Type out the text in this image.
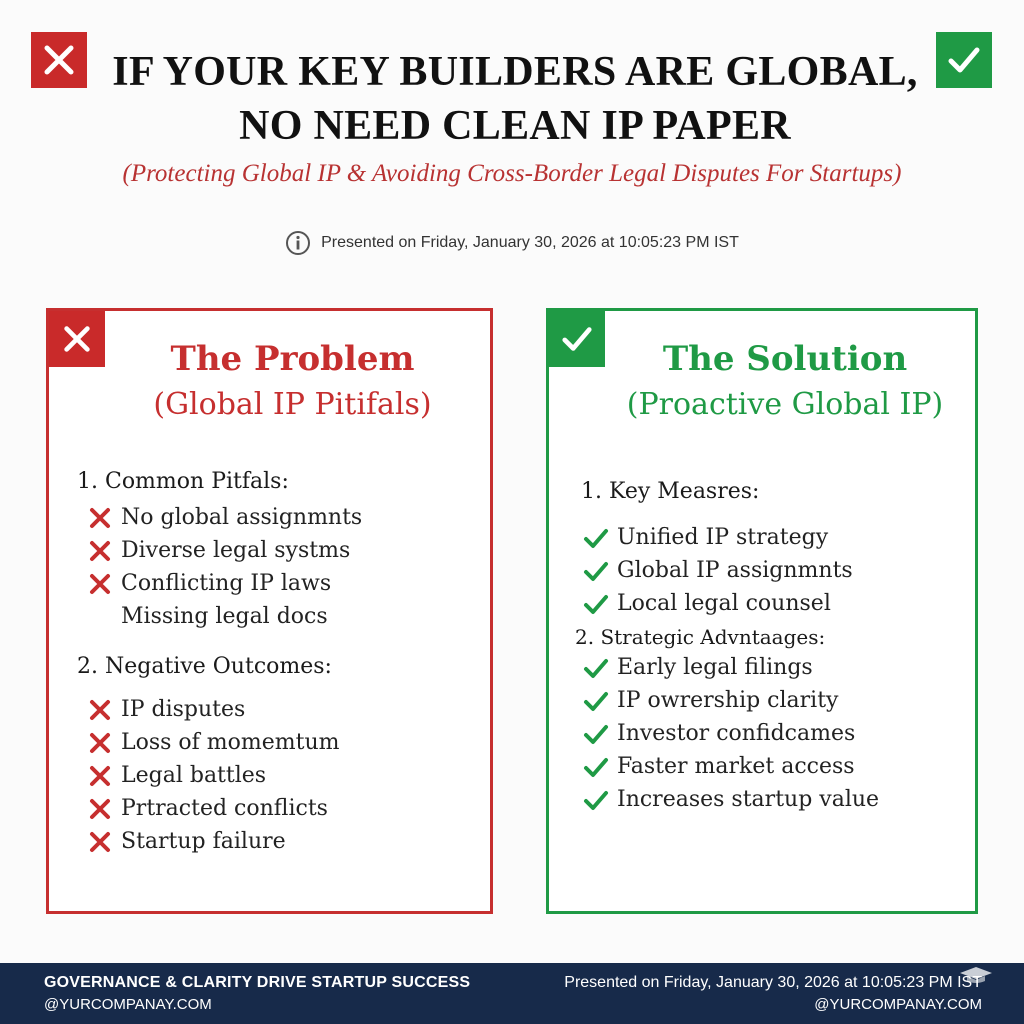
IF YOUR KEY BUILDERS ARE GLOBAL,
NO NEED CLEAN IP PAPER
(Protecting Global IP & Avoiding Cross-Border Legal Disputes For Startups)
Presented on Friday, January 30, 2026 at 10:05:23 PM IST
The Problem
(Global IP Pitifals)
1. Common Pitfals:
No global assignmnts
Diverse legal systms
Conflicting IP laws
Missing legal docs
2. Negative Outcomes:
IP disputes
Loss of momemtum
Legal battles
Prtracted conflicts
Startup failure
The Solution
(Proactive Global IP)
1. Key Measres:
Unified IP strategy
Global IP assignmnts
Local legal counsel
2. Strategic Advntaages:
Early legal filings
IP owrership clarity
Investor confidcames
Faster market access
Increases startup value
GOVERNANCE & CLARITY DRIVE STARTUP SUCCESS
@YURCOMPANAY.COM
Presented on Friday, January 30, 2026 at 10:05:23 PM IST
@YURCOMPANAY.COM
